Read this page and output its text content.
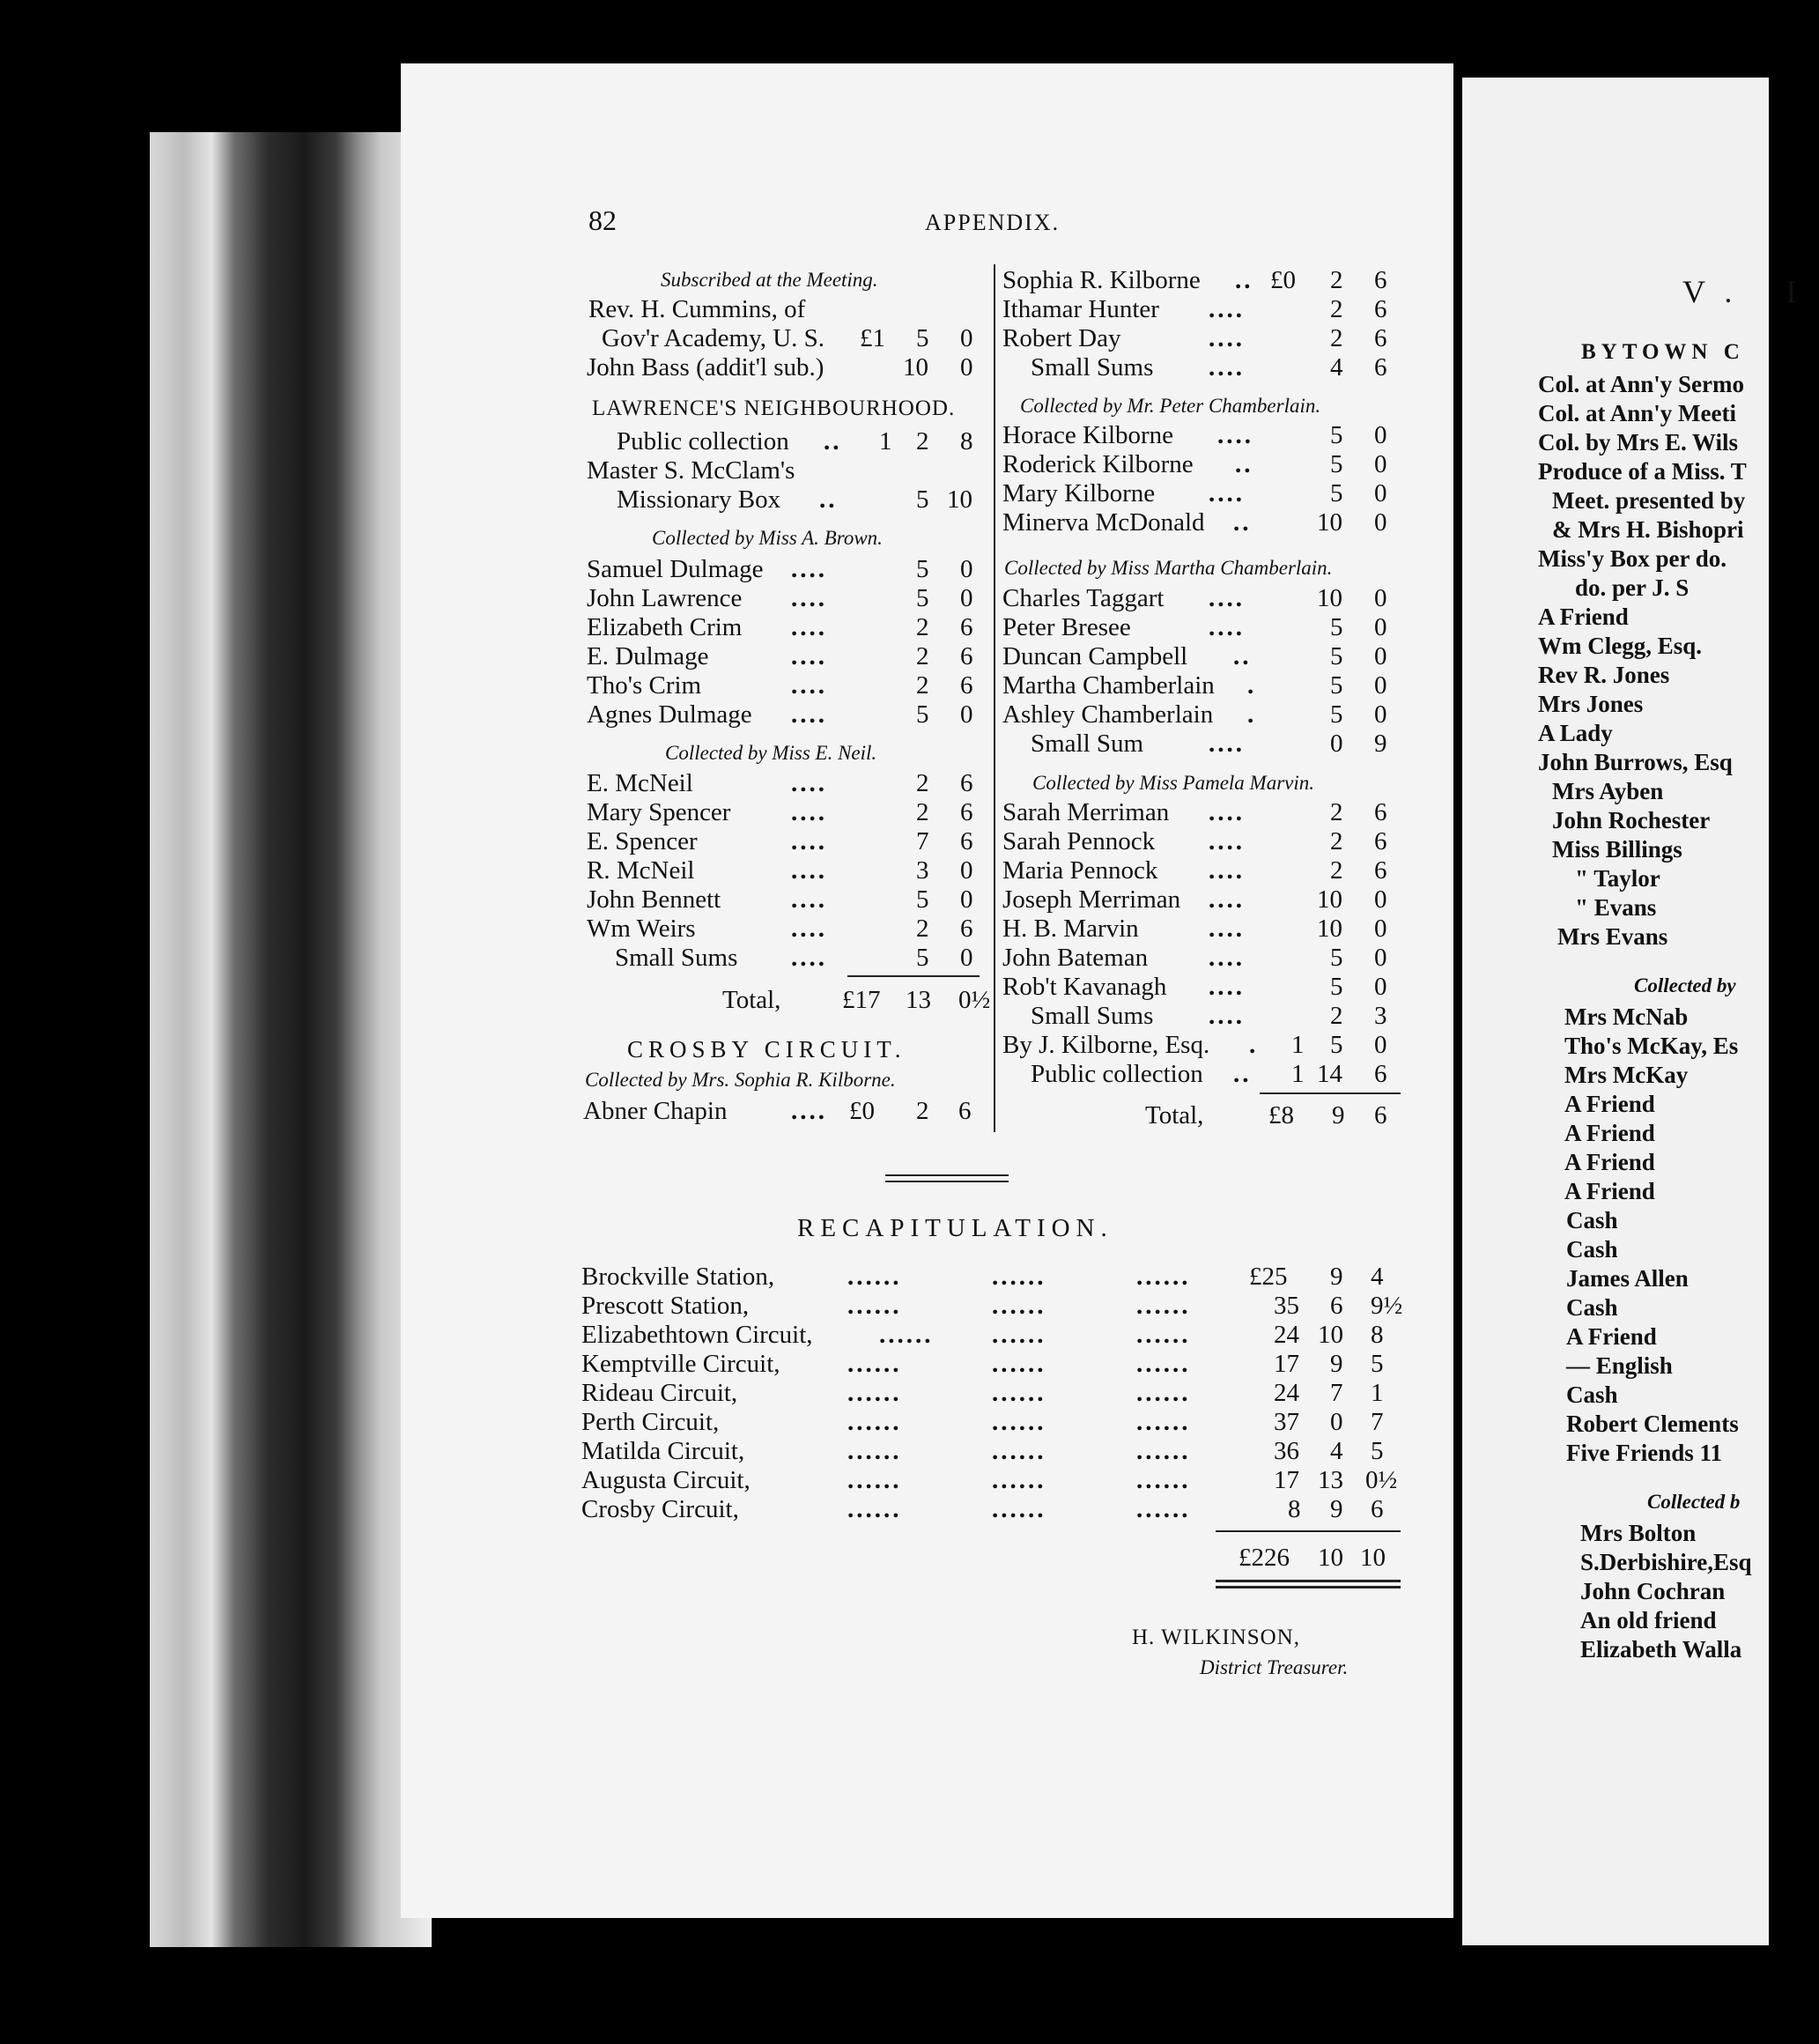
82	APPENDIX.
Subscribed at the Meeting.
Rev. H. Cummins, of
Gov'r Academy, U. S. £1 5 0
John Bass (addit'l sub.)	10 0
LAWRENCE'S NEIGHBOURHOOD.
Public collection .. 1 2 8
Master S. McClam's
Missionary Box ..	5 10
Collected by Miss A. Brown.
Samuel Dulmage ....	5 0
John Lawrence ....	5 0
Elizabeth Crim ....	2 6
E. Dulmage	....	2 6
Tho's Crim	....	2 6
Agnes Dulmage ....	5 0
Collected by Miss E. Neil.
E. McNeil	....	2 6
Mary Spencer ....	2 6
E. Spencer	....	7 6
R. McNeil	....	3 0
John Bennett	....	5 0
Wm Weirs	....	2 6
Small Sums ....	5 0
Total, £17 13 0½
CROSBY CIRCUIT.
Collected by Mrs. Sophia R. Kilborne.
Abner Chapin	.... £0 2 6
Sophia R. Kilborne .. £0 2 6
Ithamar Hunter ....	2 6
Robert Day	....	2 6
Small Sums ....	4 6
Collected by Mr. Peter Chamberlain.
Horace Kilborne ....	5 0
Roderick Kilborne ..	5 0
Mary Kilborne ....	5 0
Minerva McDonald ..	10 0
Collected by Miss Martha Chamberlain.
Charles Taggart ....	10 0
Peter Bresee	....	5 0
Duncan Campbell ..	5 0
Martha Chamberlain .	5 0
Ashley Chamberlain .	5 0
Small Sum	....	0 9
Collected by Miss Pamela Marvin.
Sarah Merriman ....	2 6
Sarah Pennock ....	2 6
Maria Pennock ....	2 6
Joseph Merriman ....	10 0
H. B. Marvin	....	10 0
John Bateman ....	5 0
Rob't Kavanagh ....	5 0
Small Sums ....	2 3
By J. Kilborne, Esq. . 1 5 0
Public collection .. 1 14 6
Total,	£8 9 6
RECAPITULATION.
Brockville Station,	......	......	...... £25 9 4
Prescott Station,	......	......	......	35 6 9½
Elizabethtown Circuit,	...... ......	......	24 10 8
Kemptville Circuit,	......	......	......	17 9 5
Rideau Circuit,	......	......	......	24 7 1
Perth Circuit,	......	......	......	37 0 7
Matilda Circuit,	......	......	......	36 4 5
Augusta Circuit,	......	......	......	17 13 0½
Crosby Circuit,	......	......	......	8 9 6
£226 10 10
H. WILKINSON,
District Treasurer.
V. I
BYTOWN C
Col. at Ann'y Sermo
Col. at Ann'y Meeti
Col. by Mrs E. Wils
Produce of a Miss. T
Meet. presented by
& Mrs H. Bishopri
Miss'y Box per do.
do. per J. S
A Friend
Wm Clegg, Esq.
Rev R. Jones
Mrs Jones
A Lady
John Burrows, Esq
Mrs Ayben
John Rochester
Miss Billings
" Taylor
" Evans
Mrs Evans
Collected by
Mrs McNab
Tho's McKay, Es
Mrs McKay
A Friend
A Friend
A Friend
A Friend
Cash
Cash
James Allen
Cash
A Friend
— English
Cash
Robert Clements
Five Friends 11
Collected b
Mrs Bolton
S.Derbishire,Esq
John Cochran
An old friend
Elizabeth Walla
